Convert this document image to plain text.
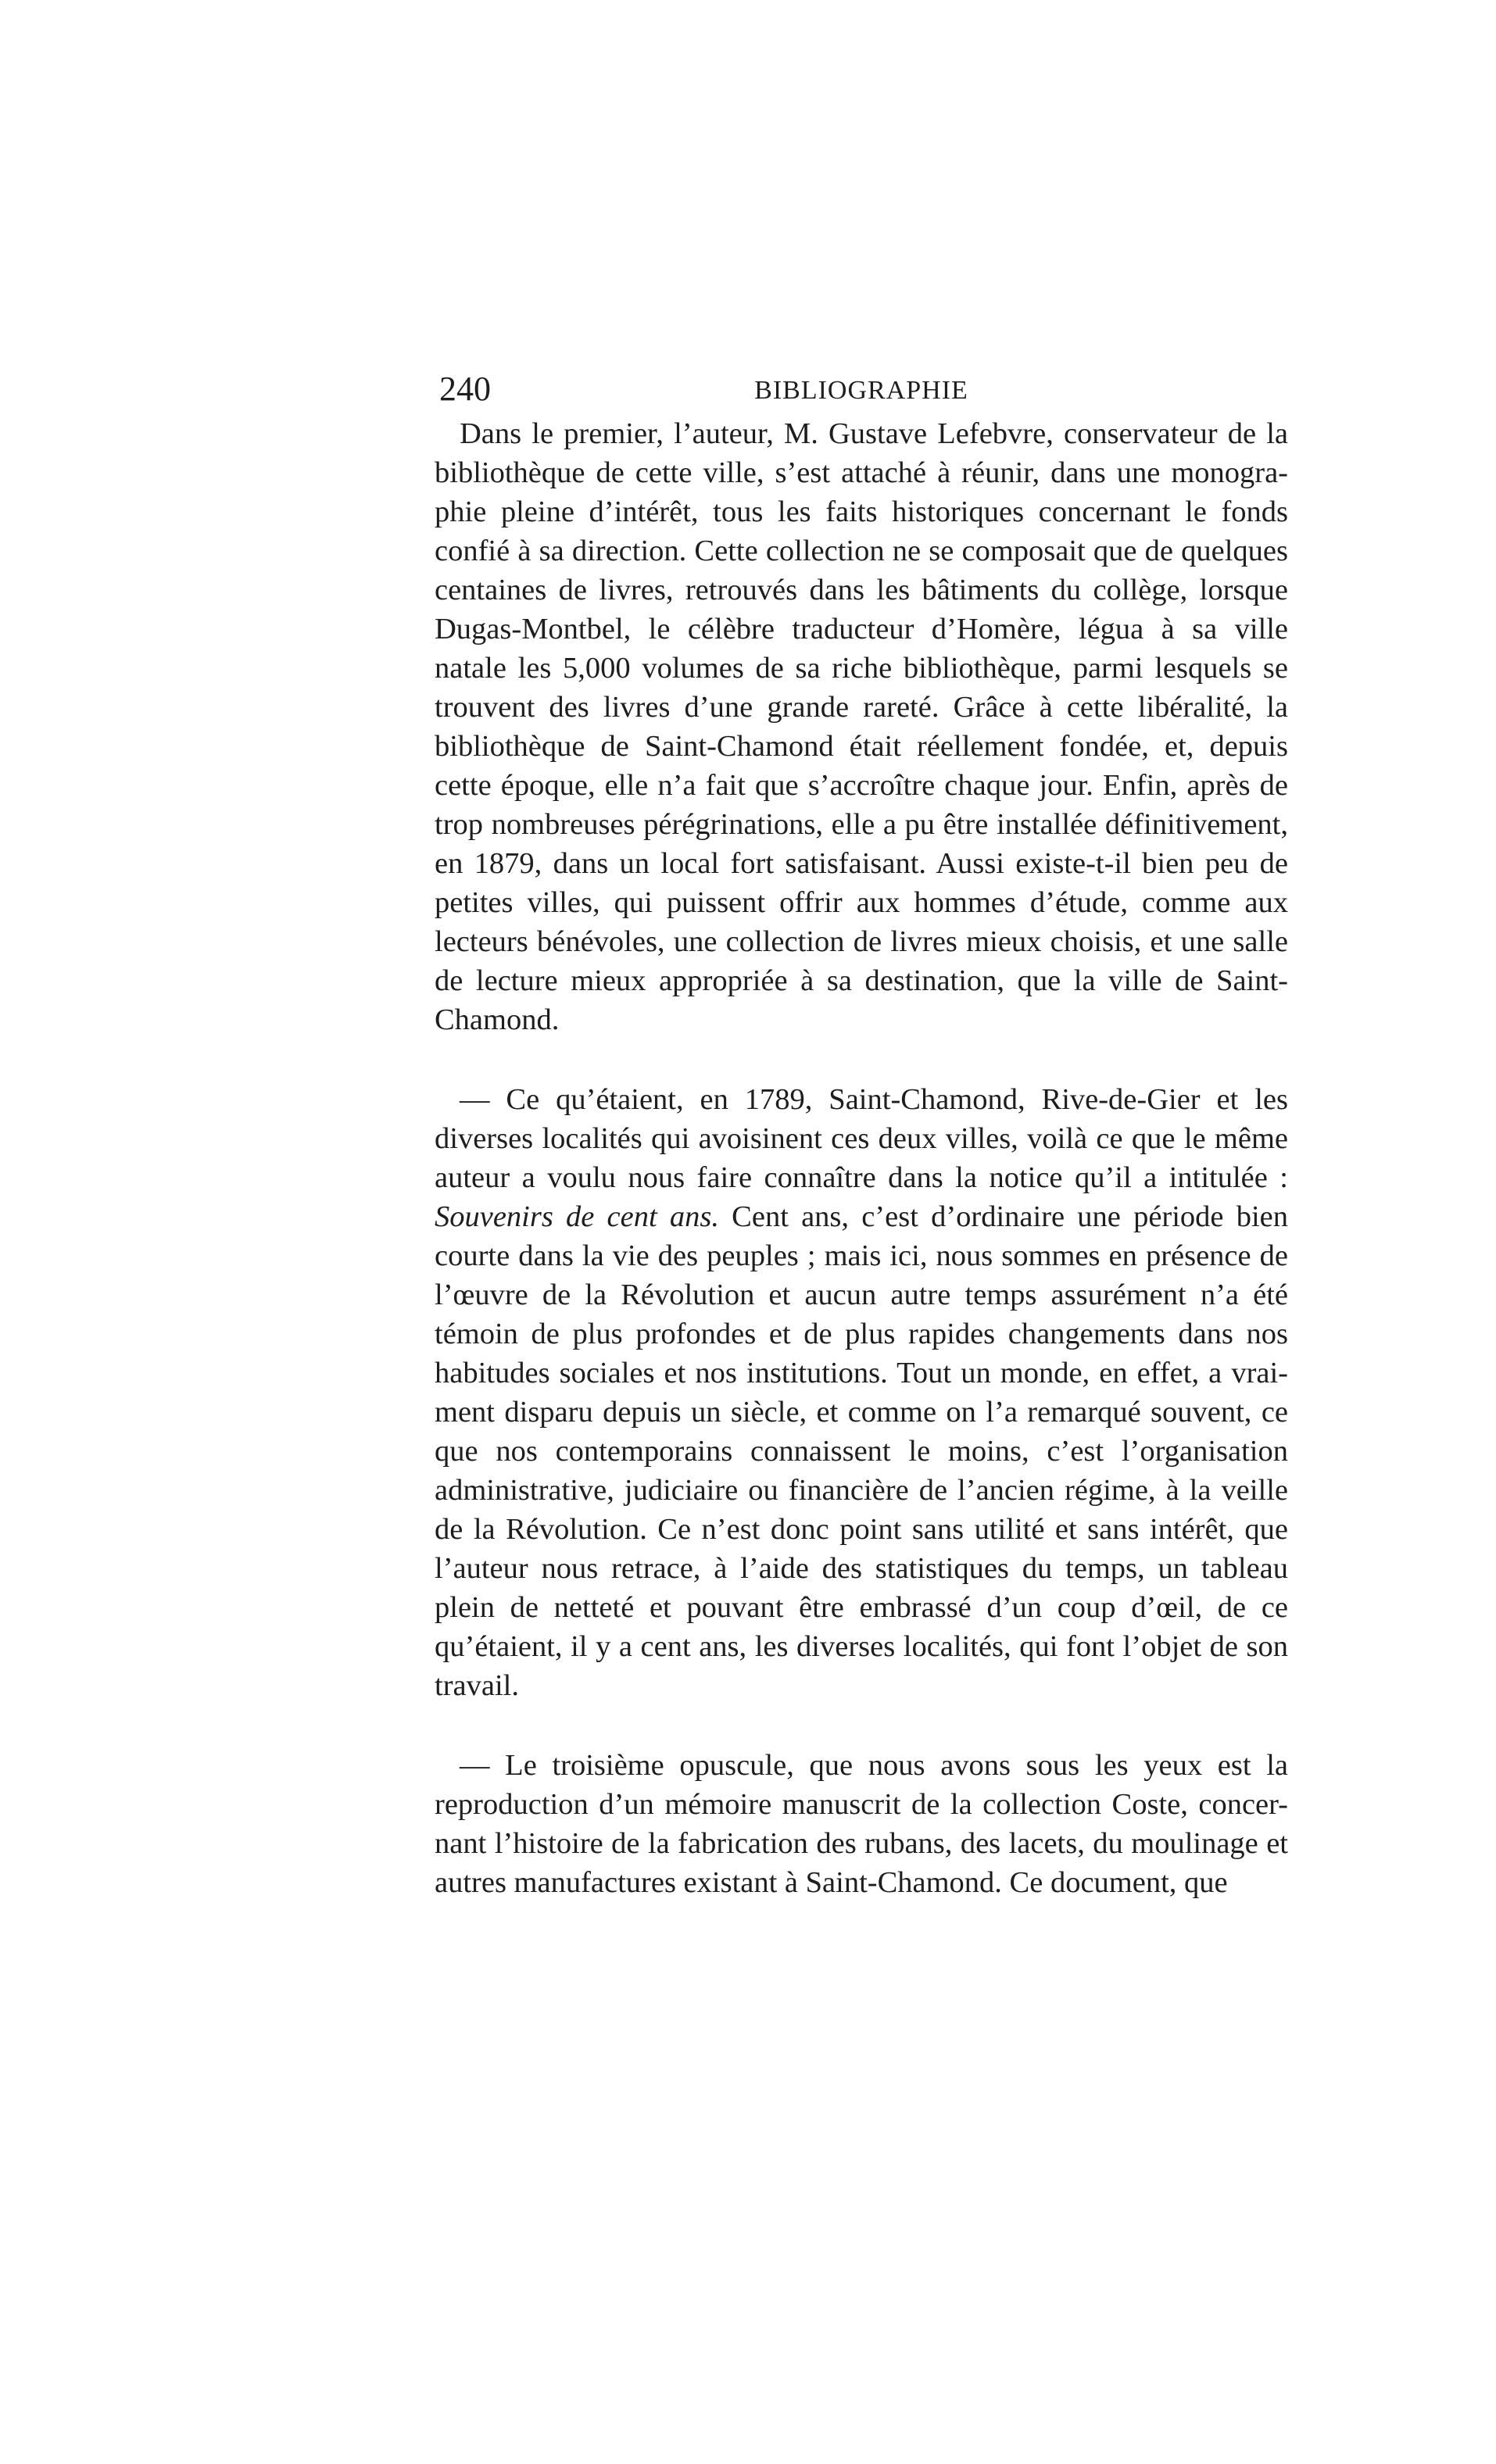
240	BIBLIOGRAPHIE
Dans le premier, l’auteur, M. Gustave Lefebvre, conservateur de la
bibliothèque de cette ville, s’est attaché à réunir, dans une monogra-
phie pleine d’intérêt, tous les faits historiques concernant le fonds
confié à sa direction. Cette collection ne se composait que de quelques
centaines de livres, retrouvés dans les bâtiments du collège, lorsque
Dugas-Montbel, le célèbre traducteur d’Homère, légua à sa ville
natale les 5,000 volumes de sa riche bibliothèque, parmi lesquels se
trouvent des livres d’une grande rareté. Grâce à cette libéralité, la
bibliothèque de Saint-Chamond était réellement fondée, et, depuis
cette époque, elle n’a fait que s’accroître chaque jour. Enfin, après de
trop nombreuses pérégrinations, elle a pu être installée définitivement,
en 1879, dans un local fort satisfaisant. Aussi existe-t-il bien peu de
petites villes, qui puissent offrir aux hommes d’étude, comme aux
lecteurs bénévoles, une collection de livres mieux choisis, et une salle
de lecture mieux appropriée à sa destination, que la ville de Saint-
Chamond.
— Ce qu’étaient, en 1789, Saint-Chamond, Rive-de-Gier et les
diverses localités qui avoisinent ces deux villes, voilà ce que le même
auteur a voulu nous faire connaître dans la notice qu’il a intitulée :
Souvenirs de cent ans. Cent ans, c’est d’ordinaire une période bien
courte dans la vie des peuples ; mais ici, nous sommes en présence de
l’œuvre de la Révolution et aucun autre temps assurément n’a été
témoin de plus profondes et de plus rapides changements dans nos
habitudes sociales et nos institutions. Tout un monde, en effet, a vrai-
ment disparu depuis un siècle, et comme on l’a remarqué souvent, ce
que nos contemporains connaissent le moins, c’est l’organisation
administrative, judiciaire ou financière de l’ancien régime, à la veille
de la Révolution. Ce n’est donc point sans utilité et sans intérêt, que
l’auteur nous retrace, à l’aide des statistiques du temps, un tableau
plein de netteté et pouvant être embrassé d’un coup d’œil, de ce
qu’étaient, il y a cent ans, les diverses localités, qui font l’objet de son
travail.
— Le troisième opuscule, que nous avons sous les yeux est la
reproduction d’un mémoire manuscrit de la collection Coste, concer-
nant l’histoire de la fabrication des rubans, des lacets, du moulinage et
autres manufactures existant à Saint-Chamond. Ce document, que
